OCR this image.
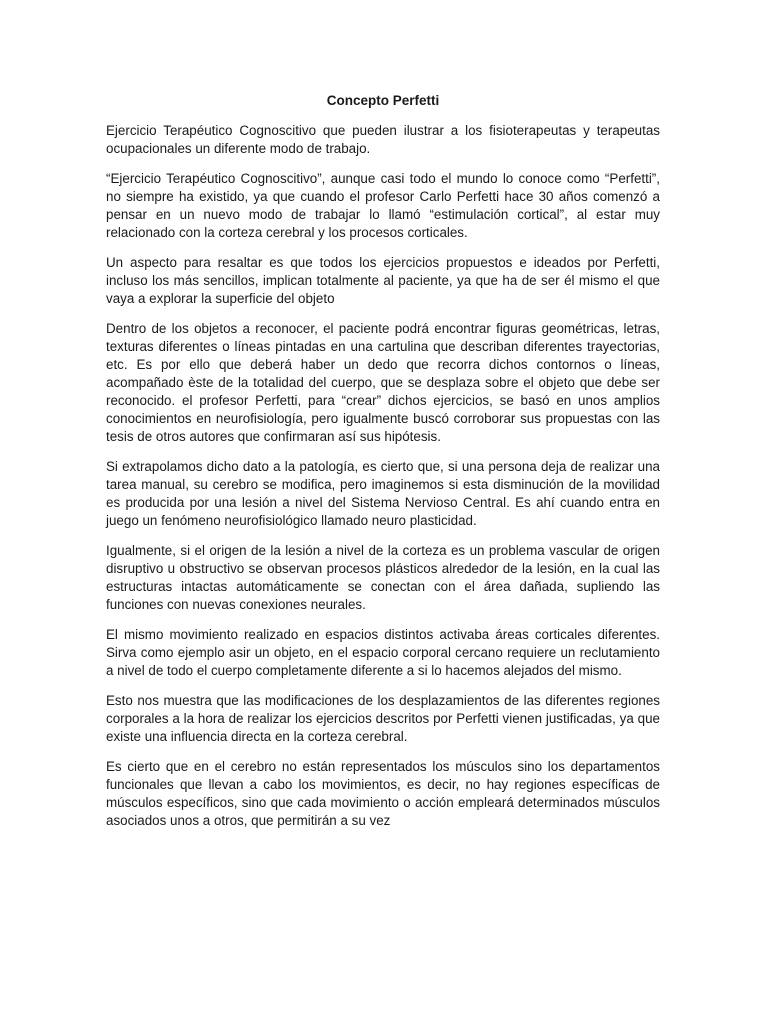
Concepto Perfetti

Ejercicio Terapéutico Cognoscitivo que pueden ilustrar a los fisioterapeutas y terapeutas ocupacionales un diferente modo de trabajo.

“Ejercicio Terapéutico Cognoscitivo”, aunque casi todo el mundo lo conoce como “Perfetti”, no siempre ha existido, ya que cuando el profesor Carlo Perfetti hace 30 años comenzó a pensar en un nuevo modo de trabajar lo llamó “estimulación cortical”, al estar muy relacionado con la corteza cerebral y los procesos corticales.

Un aspecto para resaltar es que todos los ejercicios propuestos e ideados por Perfetti, incluso los más sencillos, implican totalmente al paciente, ya que ha de ser él mismo el que vaya a explorar la superficie del objeto

Dentro de los objetos a reconocer, el paciente podrá encontrar figuras geométricas, letras, texturas diferentes o líneas pintadas en una cartulina que describan diferentes trayectorias, etc. Es por ello que deberá haber un dedo que recorra dichos contornos o líneas, acompañado èste de la totalidad del cuerpo, que se desplaza sobre el objeto que debe ser reconocido. el profesor Perfetti, para “crear” dichos ejercicios, se basó en unos amplios conocimientos en neurofisiología, pero igualmente buscó corroborar sus propuestas con las tesis de otros autores que confirmaran así sus hipótesis.

Si extrapolamos dicho dato a la patología, es cierto que, si una persona deja de realizar una tarea manual, su cerebro se modifica, pero imaginemos si esta disminución de la movilidad es producida por una lesión a nivel del Sistema Nervioso Central. Es ahí cuando entra en juego un fenómeno neurofisiológico llamado neuro plasticidad.

Igualmente, si el origen de la lesión a nivel de la corteza es un problema vascular de origen disruptivo u obstructivo se observan procesos plásticos alrededor de la lesión, en la cual las estructuras intactas automáticamente se conectan con el área dañada, supliendo las funciones con nuevas conexiones neurales.

El mismo movimiento realizado en espacios distintos activaba áreas corticales diferentes. Sirva como ejemplo asir un objeto, en el espacio corporal cercano requiere un reclutamiento a nivel de todo el cuerpo completamente diferente a si lo hacemos alejados del mismo.

Esto nos muestra que las modificaciones de los desplazamientos de las diferentes regiones corporales a la hora de realizar los ejercicios descritos por Perfetti vienen justificadas, ya que existe una influencia directa en la corteza cerebral.

Es cierto que en el cerebro no están representados los músculos sino los departamentos funcionales que llevan a cabo los movimientos, es decir, no hay regiones específicas de músculos específicos, sino que cada movimiento o acción empleará determinados músculos asociados unos a otros, que permitirán a su vez
